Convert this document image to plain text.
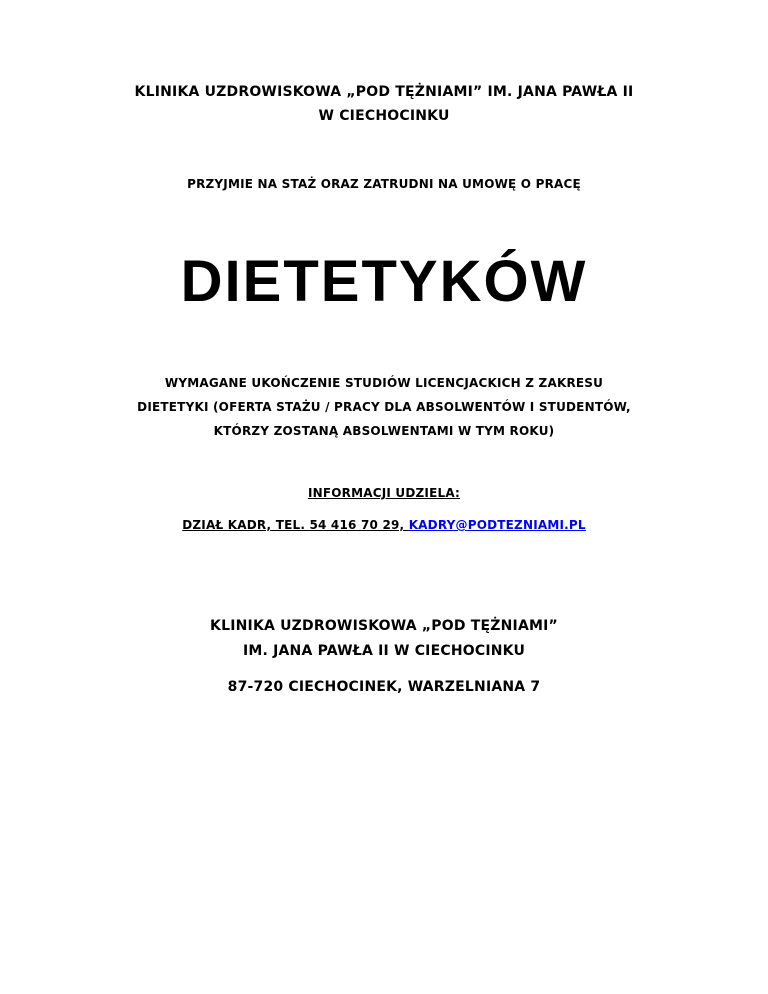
KLINIKA UZDROWISKOWA „POD TĘŻNIAMI” IM. JANA PAWŁA II
W CIECHOCINKU
PRZYJMIE NA STAŻ ORAZ ZATRUDNI NA UMOWĘ O PRACĘ
DIETETYKÓW
WYMAGANE UKOŃCZENIE STUDIÓW LICENCJACKICH Z ZAKRESU
DIETETYKI (OFERTA STAŻU / PRACY DLA ABSOLWENTÓW I STUDENTÓW,
KTÓRZY ZOSTANĄ ABSOLWENTAMI W TYM ROKU)
INFORMACJI UDZIELA:
DZIAŁ KADR, TEL. 54 416 70 29, KADRY@PODTEZNIAMI.PL
KLINIKA UZDROWISKOWA „POD TĘŻNIAMI”
IM. JANA PAWŁA II W CIECHOCINKU
87-720 CIECHOCINEK, WARZELNIANA 7
